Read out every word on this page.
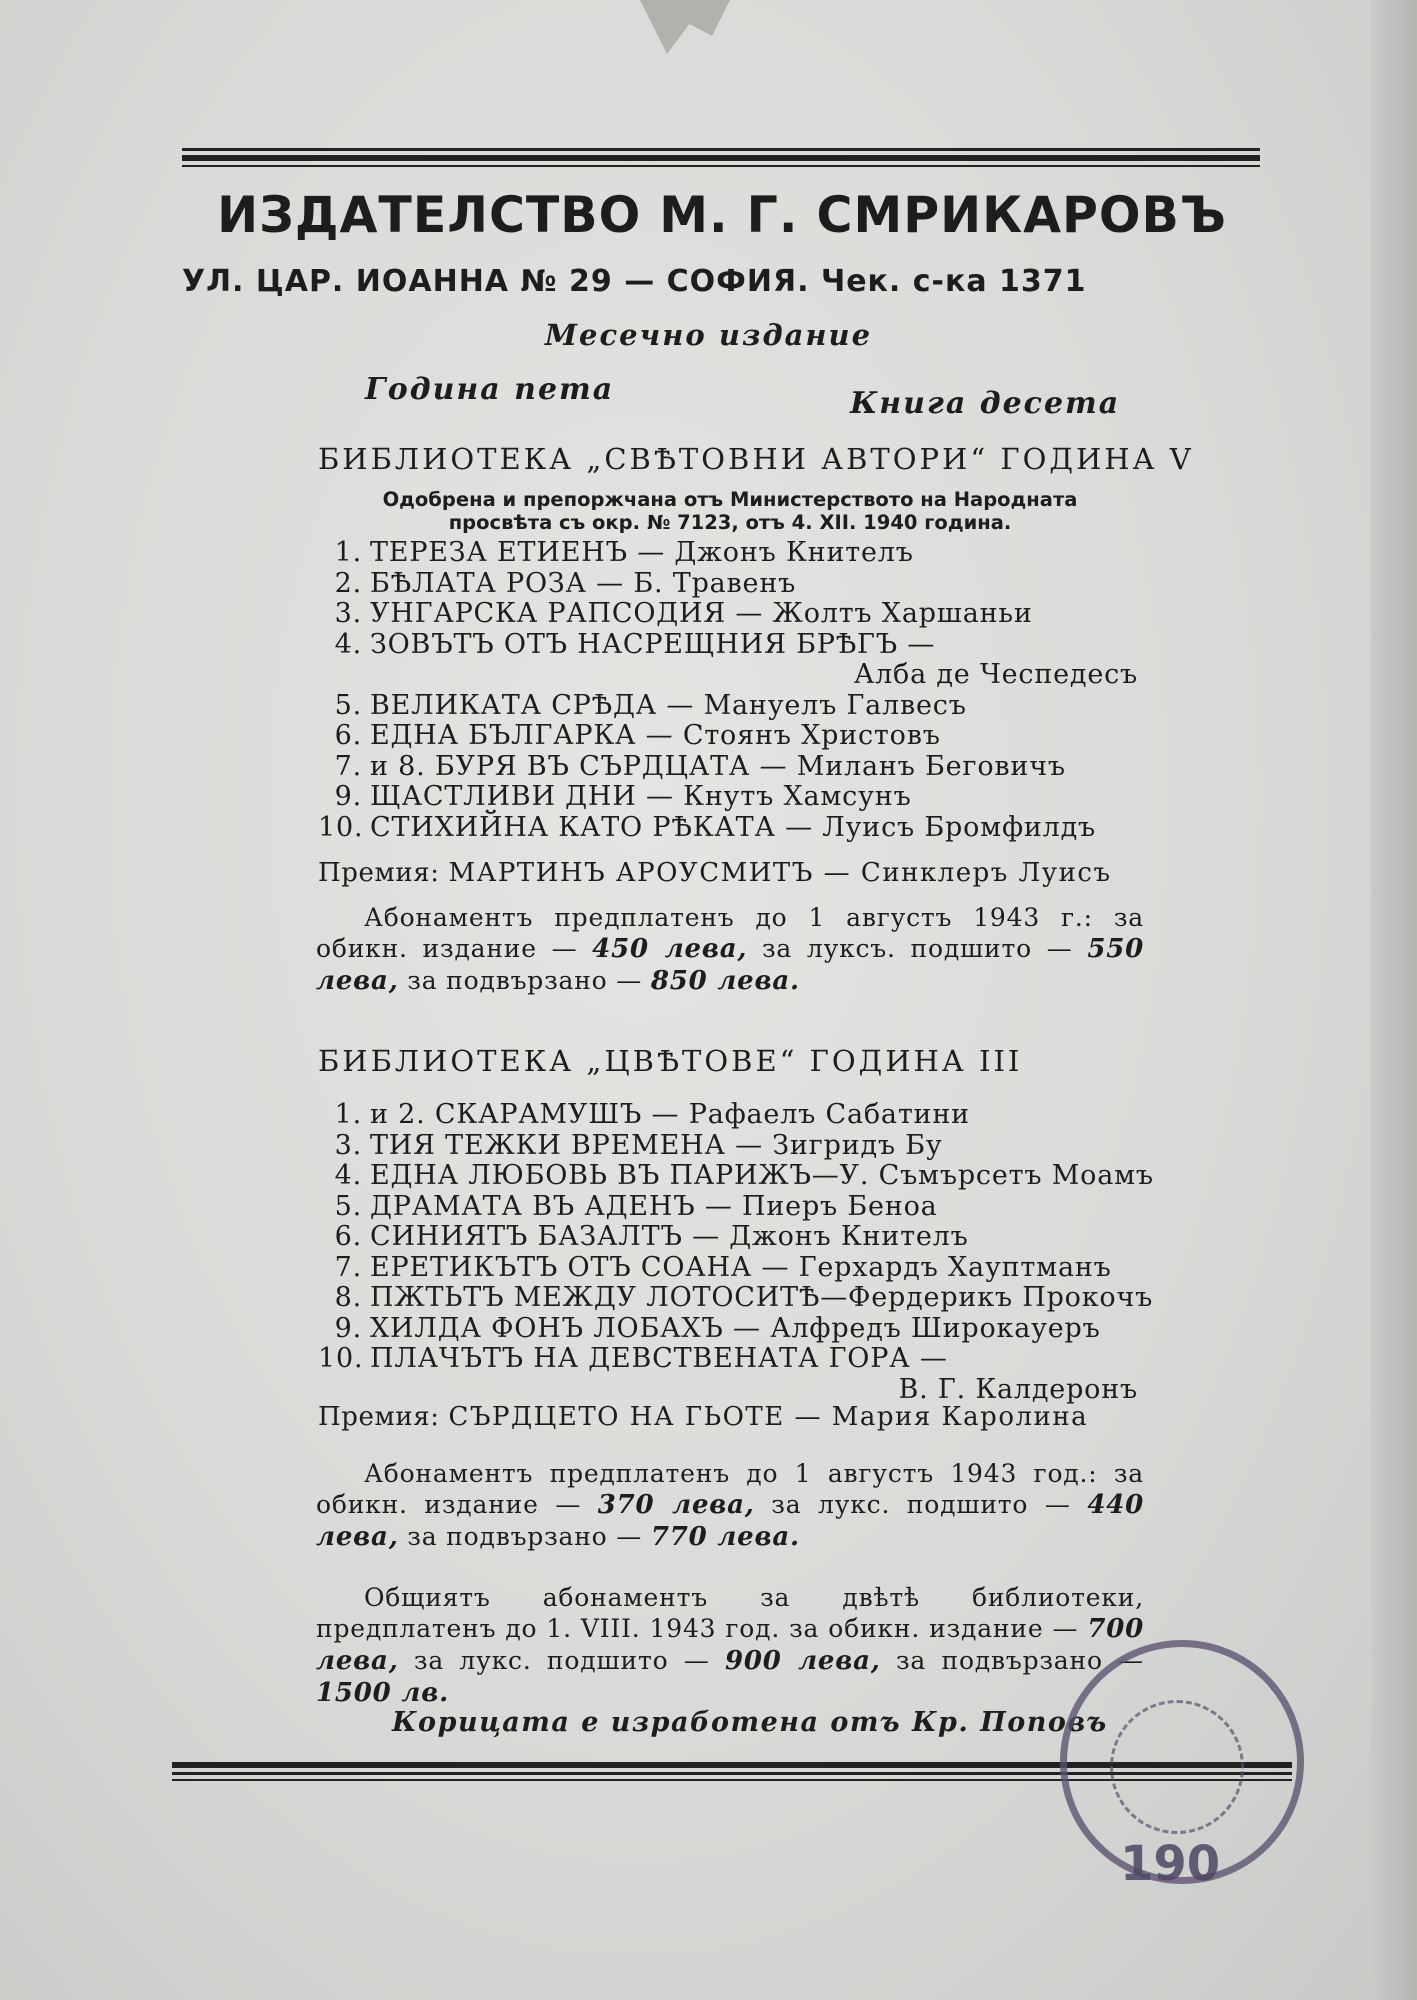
ИЗДАТЕЛСТВО М. Г. СМРИКАРОВЪ
УЛ. ЦАР. ИОАННА № 29 — СОФИЯ. Чек. с-ка 1371
Месечно издание
Година пета	Книга десета
БИБЛИОТЕКА „СВѢТОВНИ АВТОРИ“ ГОДИНА V
Одобрена и препоржчана отъ Министерството на Народната
просвѣта съ окр. № 7123, отъ 4. XII. 1940 година.
1. ТЕРЕЗА ЕТИЕНЪ — Джонъ Кнителъ
2. БѢЛАТА РОЗА — Б. Травенъ
3. УНГАРСКА РАПСОДИЯ — Жолтъ Харшаньи
4. ЗОВЪТЪ ОТЪ НАСРЕЩНИЯ БРѢГЪ —
Алба де Чеспедесъ
5. ВЕЛИКАТА СРѢДА — Мануелъ Галвесъ
6. ЕДНА БЪЛГАРКА — Стоянъ Христовъ
7. и 8. БУРЯ ВЪ СЪРДЦАТА — Миланъ Беговичъ
9. ЩАСТЛИВИ ДНИ — Кнутъ Хамсунъ
10. СТИХИЙНА КАТО РѢКАТА — Луисъ Бромфилдъ
Премия: МАРТИНЪ АРОУСМИТЪ — Синклеръ Луисъ
Абонаментъ предплатенъ до 1 августъ 1943 г.: за обикн. издание — 450 лева, за луксъ. подшито — 550 лева, за подвързано — 850 лева.
БИБЛИОТЕКА „ЦВѢТОВЕ“ ГОДИНА III
1. и 2. СКАРАМУШЪ — Рафаелъ Сабатини
3. ТИЯ ТЕЖКИ ВРЕМЕНА — Зигридъ Бу
4. ЕДНА ЛЮБОВЬ ВЪ ПАРИЖЪ—У. Съмърсетъ Моамъ
5. ДРАМАТА ВЪ АДЕНЪ — Пиеръ Беноа
6. СИНИЯТЪ БАЗАЛТЪ — Джонъ Кнителъ
7. ЕРЕТИКЪТЪ ОТЪ СОАНА — Герхардъ Хауптманъ
8. ПЖТЬТЪ МЕЖДУ ЛОТОСИТѢ—Фердерикъ Прокочъ
9. ХИЛДА ФОНЪ ЛОБАХЪ — Алфредъ Широкауеръ
10. ПЛАЧЪТЪ НА ДЕВСТВЕНАТА ГОРА —
В. Г. Калдеронъ
Премия: СЪРДЦЕТО НА ГЬОТЕ — Мария Каролина
Абонаментъ предплатенъ до 1 августъ 1943 год.: за обикн. издание — 370 лева, за лукс. подшито — 440 лева, за подвързано — 770 лева.
Общиятъ абонаментъ за двѣтѣ библиотеки, предплатенъ до 1. VIII. 1943 год. за обикн. издание — 700 лева, за лукс. подшито — 900 лева, за подвързано — 1500 лв.
Корицата е изработена отъ Кр. Поповъ
190
